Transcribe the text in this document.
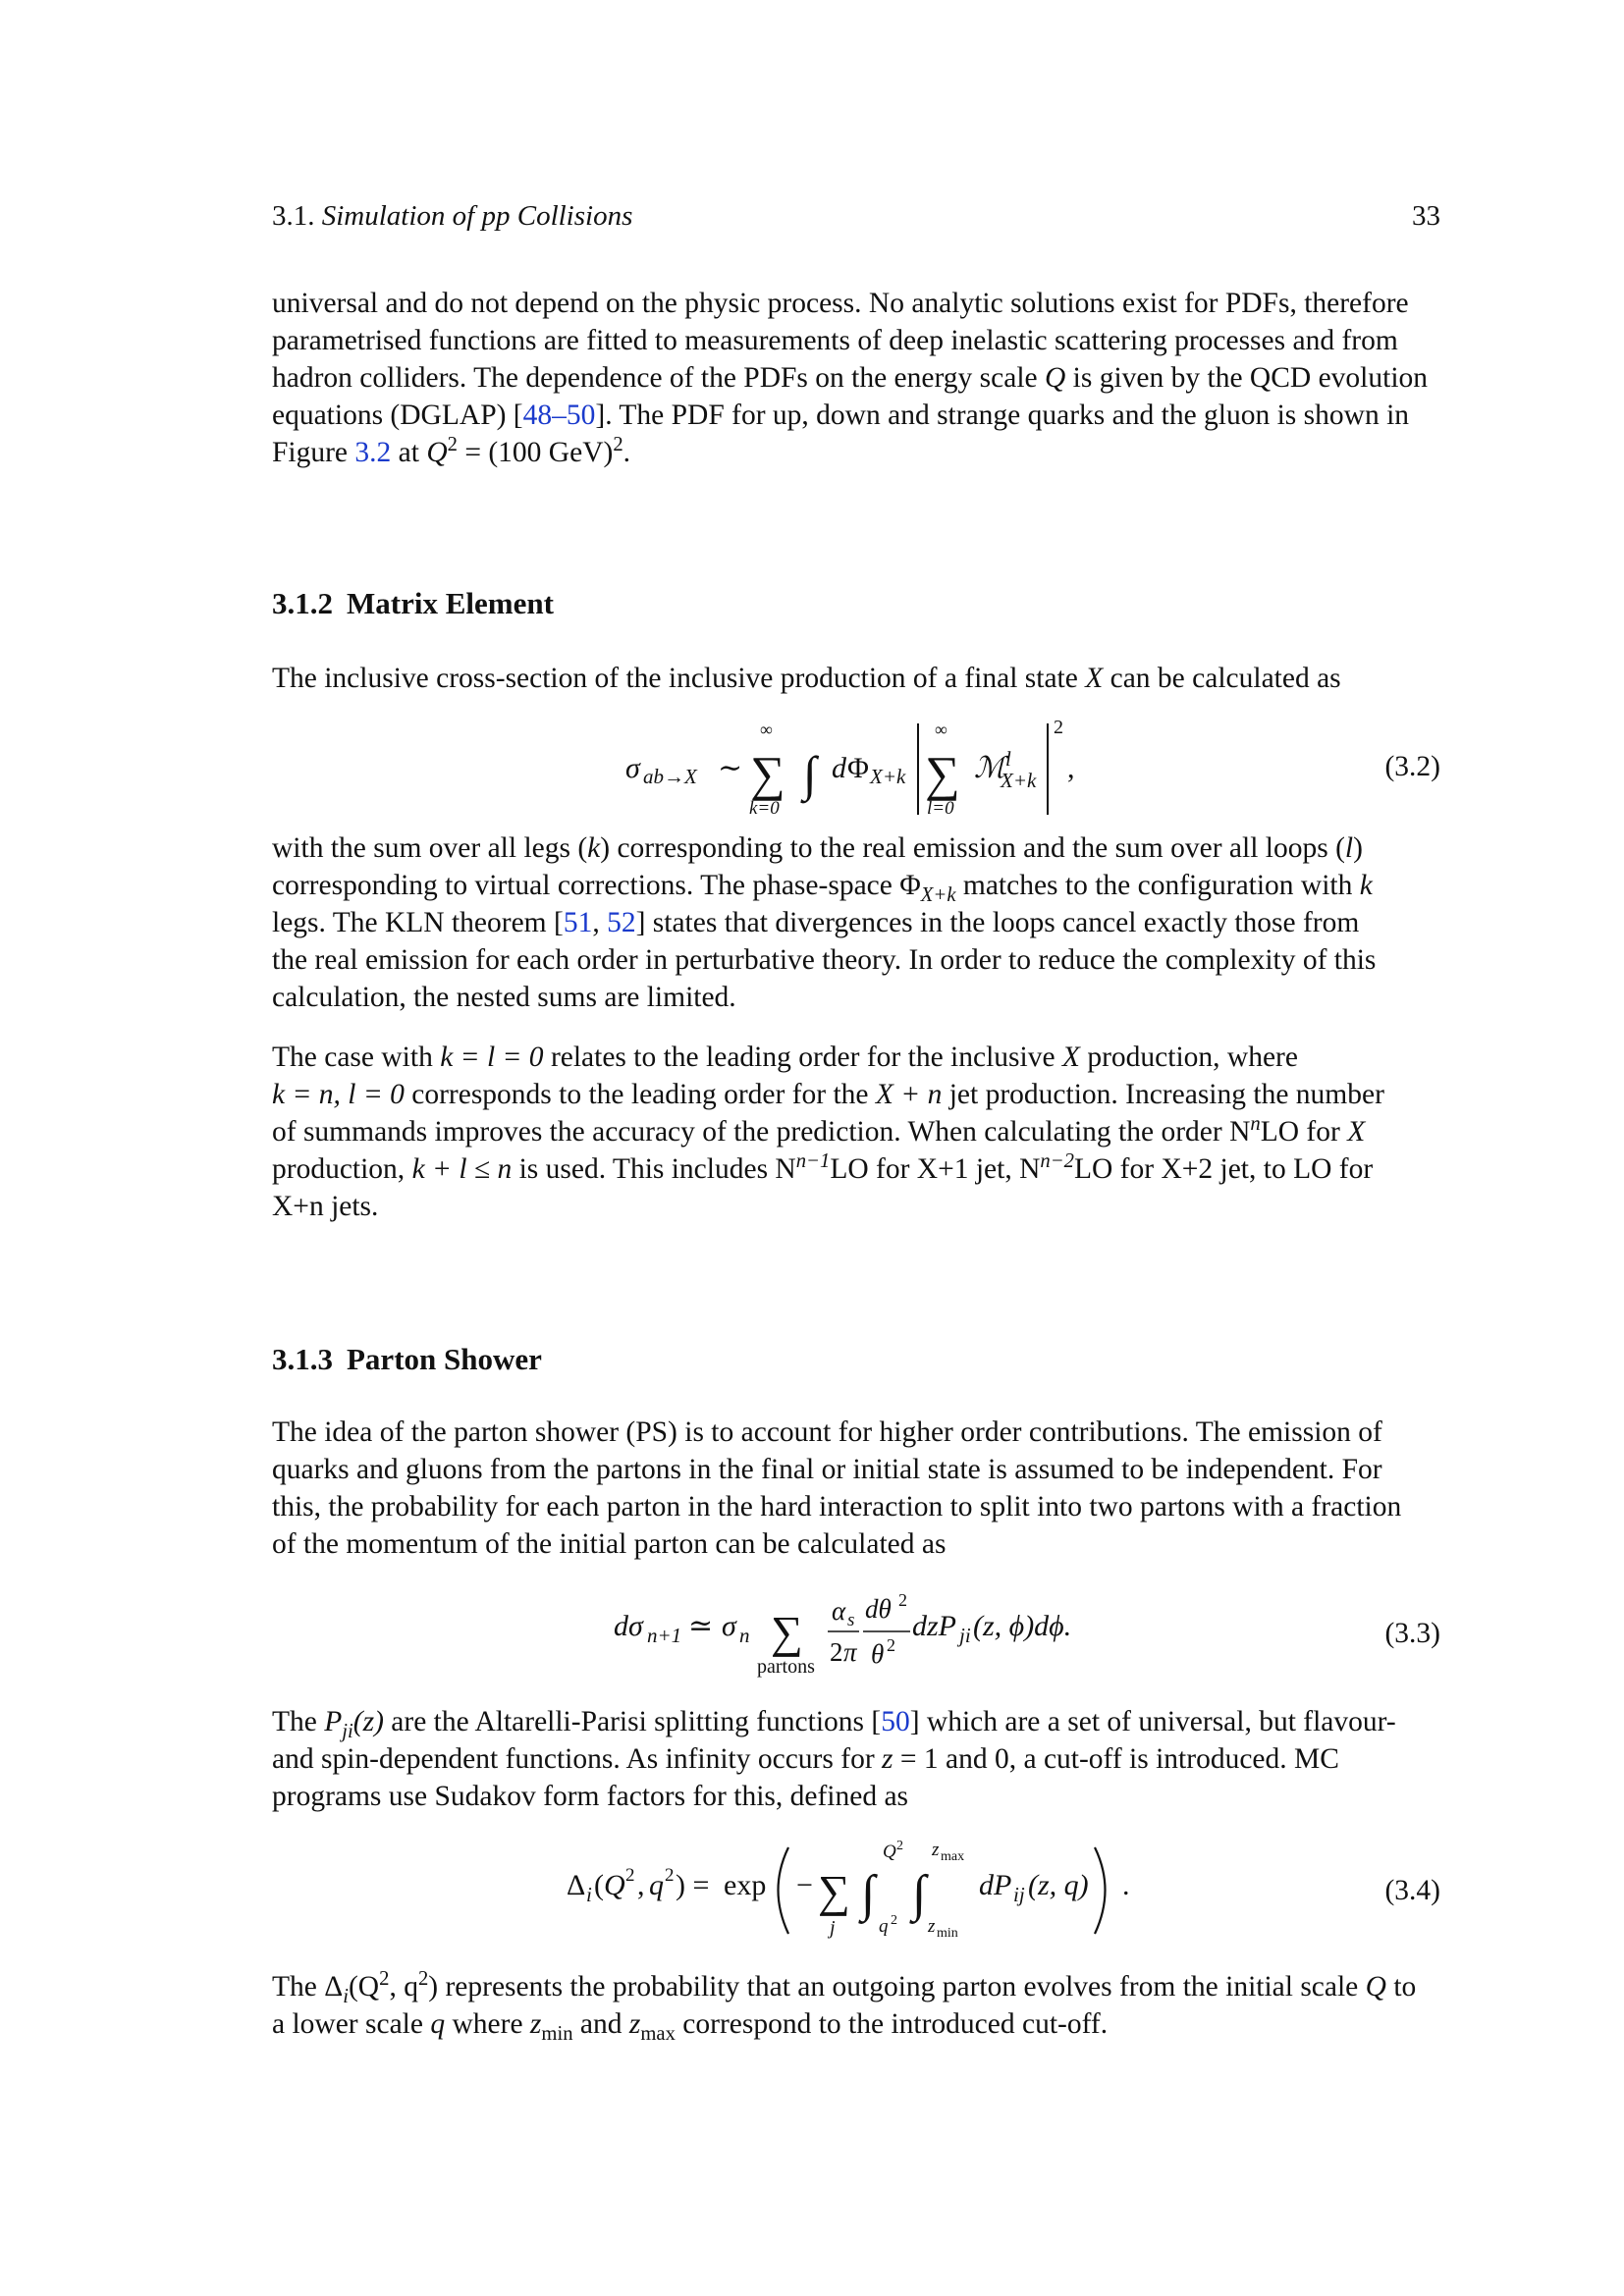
3.1. Simulation of pp Collisions	33

universal and do not depend on the physic process. No analytic solutions exist for PDFs, therefore

parametrised functions are fitted to measurements of deep inelastic scattering processes and from

hadron colliders. The dependence of the PDFs on the energy scale Q is given by the QCD evolution

equations (DGLAP) [48–50]. The PDF for up, down and strange quarks and the gluon is shown in

Figure 3.2 at $Q^2 = (100$ GeV)$^2$.

3.1.2 Matrix Element

The inclusive cross-section of the inclusive production of a final state X can be calculated as

σ ab→X ∼
∞
∑
k=0
∫ d Φ X+k
∞
∑
l=0
ℳ l
X+k
2
,	(3.2)

with the sum over all legs (k) corresponding to the real emission and the sum over all loops (l)

corresponding to virtual corrections. The phase-space $\Phi_{X+k}$ matches to the configuration with k

legs. The KLN theorem [51, 52] states that divergences in the loops cancel exactly those from

the real emission for each order in perturbative theory. In order to reduce the complexity of this

calculation, the nested sums are limited.

The case with k = l = 0 relates to the leading order for the inclusive X production, where

k = n, l = 0 corresponds to the leading order for the X + n jet production. Increasing the number

of summands improves the accuracy of the prediction. When calculating the order $N^nLO$ for X

production, k + l ≤ n is used. This includes $N^{n-1}LO$ for X+1 jet, $N^{n-2}LO$ for X+2 jet, to LO for

X+n jets.

3.1.3 Parton Shower

The idea of the parton shower (PS) is to account for higher order contributions. The emission of

quarks and gluons from the partons in the final or initial state is assumed to be independent. For

this, the probability for each parton in the hard interaction to split into two partons with a fraction

of the momentum of the initial parton can be calculated as

dσ n+1 ≃ σ n ∑
partons
α s
2 π
dθ 2
θ 2
dzP ji (z, ϕ)dϕ.	(3.3)

The $P_{ji}(z)$ are the Altarelli-Parisi splitting functions [50] which are a set of universal, but flavour-

and spin-dependent functions. As infinity occurs for z = 1 and 0, a cut-off is introduced. MC

programs use Sudakov form factors for this, defined as

Δ i ( Q 2 , q 2 ) = exp − ∑
j
∫
Q 2
q 2 ∫
z max
z min
dP ij (z, q) .	(3.4)

The $\Delta_i(Q^2$, $q^2$) represents the probability that an outgoing parton evolves from the initial scale Q to

a lower scale q where $z_{min}$ and $z_{max}$ correspond to the introduced cut-off.
